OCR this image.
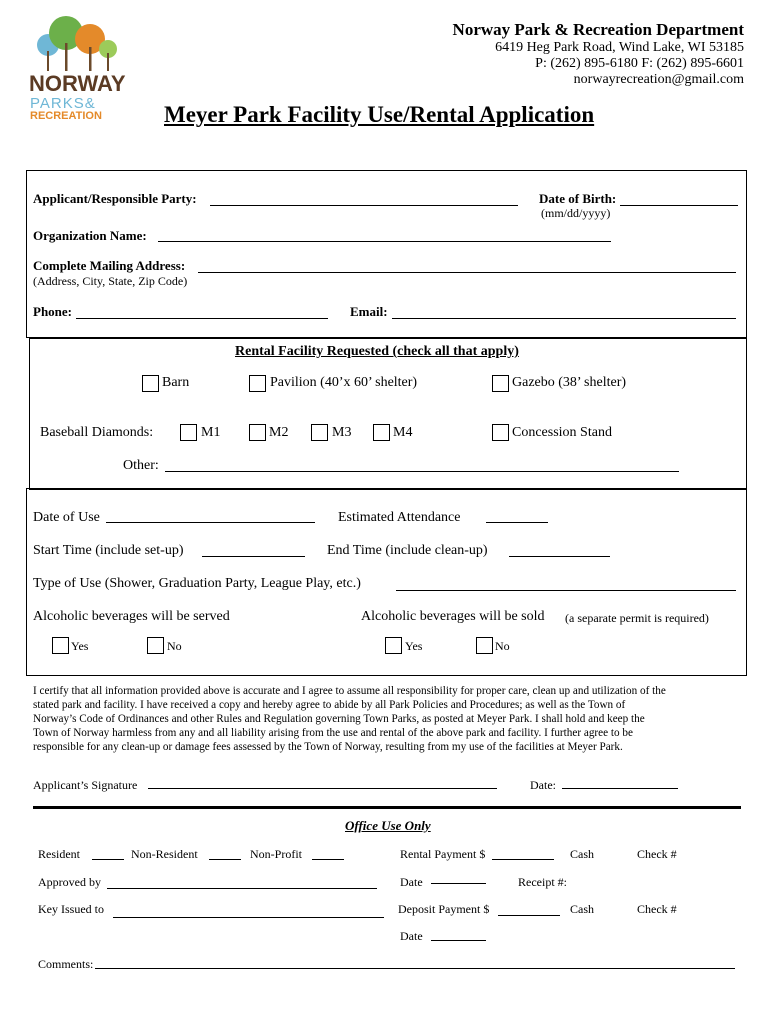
NORWAY
PARKS&
RECREATION
Norway Park & Recreation Department
6419 Heg Park Road, Wind Lake, WI 53185
P: (262) 895-6180 F: (262) 895-6601
norwayrecreation@gmail.com
Meyer Park Facility Use/Rental Application
Applicant/Responsible Party:	Date of Birth:
(mm/dd/yyyy)
Organization Name:
Complete Mailing Address:
(Address, City, State, Zip Code)
Phone:	Email:
Rental Facility Requested (check all that apply)
Barn	Pavilion (40’x 60’ shelter)	Gazebo (38’ shelter)
Baseball Diamonds:	M1	M2	M3	M4	Concession Stand
Other:
Date of Use	Estimated Attendance
Start Time (include set-up)	End Time (include clean-up)
Type of Use (Shower, Graduation Party, League Play, etc.)
Alcoholic beverages will be served	Alcoholic beverages will be sold (a separate permit is required)
Yes	No	Yes	No
I certify that all information provided above is accurate and I agree to assume all responsibility for proper care, clean up and utilization of the
stated park and facility. I have received a copy and hereby agree to abide by all Park Policies and Procedures; as well as the Town of
Norway’s Code of Ordinances and other Rules and Regulation governing Town Parks, as posted at Meyer Park. I shall hold and keep the
Town of Norway harmless from any and all liability arising from the use and rental of the above park and facility. I further agree to be
responsible for any clean-up or damage fees assessed by the Town of Norway, resulting from my use of the facilities at Meyer Park.
Applicant’s Signature	Date:
Office Use Only
Resident	Non-Resident	Non-Profit	Rental Payment $	Cash	Check #
Approved by	Date	Receipt #:
Key Issued to	Deposit Payment $	Cash	Check #
Date
Comments:
